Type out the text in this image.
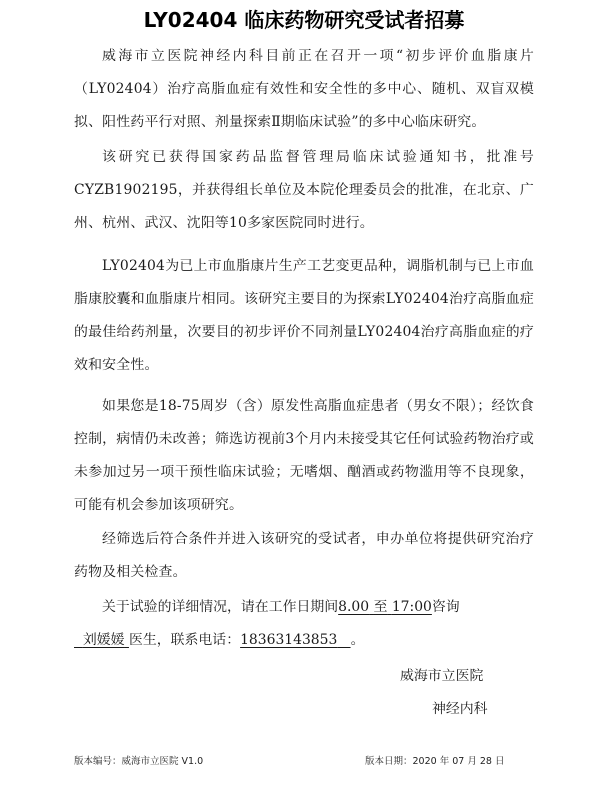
LY02404 临床药物研究受试者招募
威海市立医院神经内科目前正在召开一项“初步评价血脂康片（LY02404）治疗高脂血症有效性和安全性的多中心、随机、双盲双模拟、阳性药平行对照、剂量探索Ⅱ期临床试验”的多中心临床研究。
该研究已获得国家药品监督管理局临床试验通知书，批准号CYZB1902195，并获得组长单位及本院伦理委员会的批准，在北京、广州、杭州、武汉、沈阳等10多家医院同时进行。
LY02404为已上市血脂康片生产工艺变更品种，调脂机制与已上市血脂康胶囊和血脂康片相同。该研究主要目的为探索LY02404治疗高脂血症的最佳给药剂量，次要目的初步评价不同剂量LY02404治疗高脂血症的疗效和安全性。
如果您是18-75周岁（含）原发性高脂血症患者（男女不限）；经饮食控制，病情仍未改善；筛选访视前3个月内未接受其它任何试验药物治疗或未参加过另一项干预性临床试验；无嗜烟、酗酒或药物滥用等不良现象，可能有机会参加该项研究。
经筛选后符合条件并进入该研究的受试者，申办单位将提供研究治疗药物及相关检查。
关于试验的详细情况，请在工作日期间8.00 至 17:00咨询
刘媛媛 医生，联系电话：18363143853 。
威海市立医院
神经内科
版本编号：威海市立医院 V1.0	版本日期：2020 年 07 月 28 日
